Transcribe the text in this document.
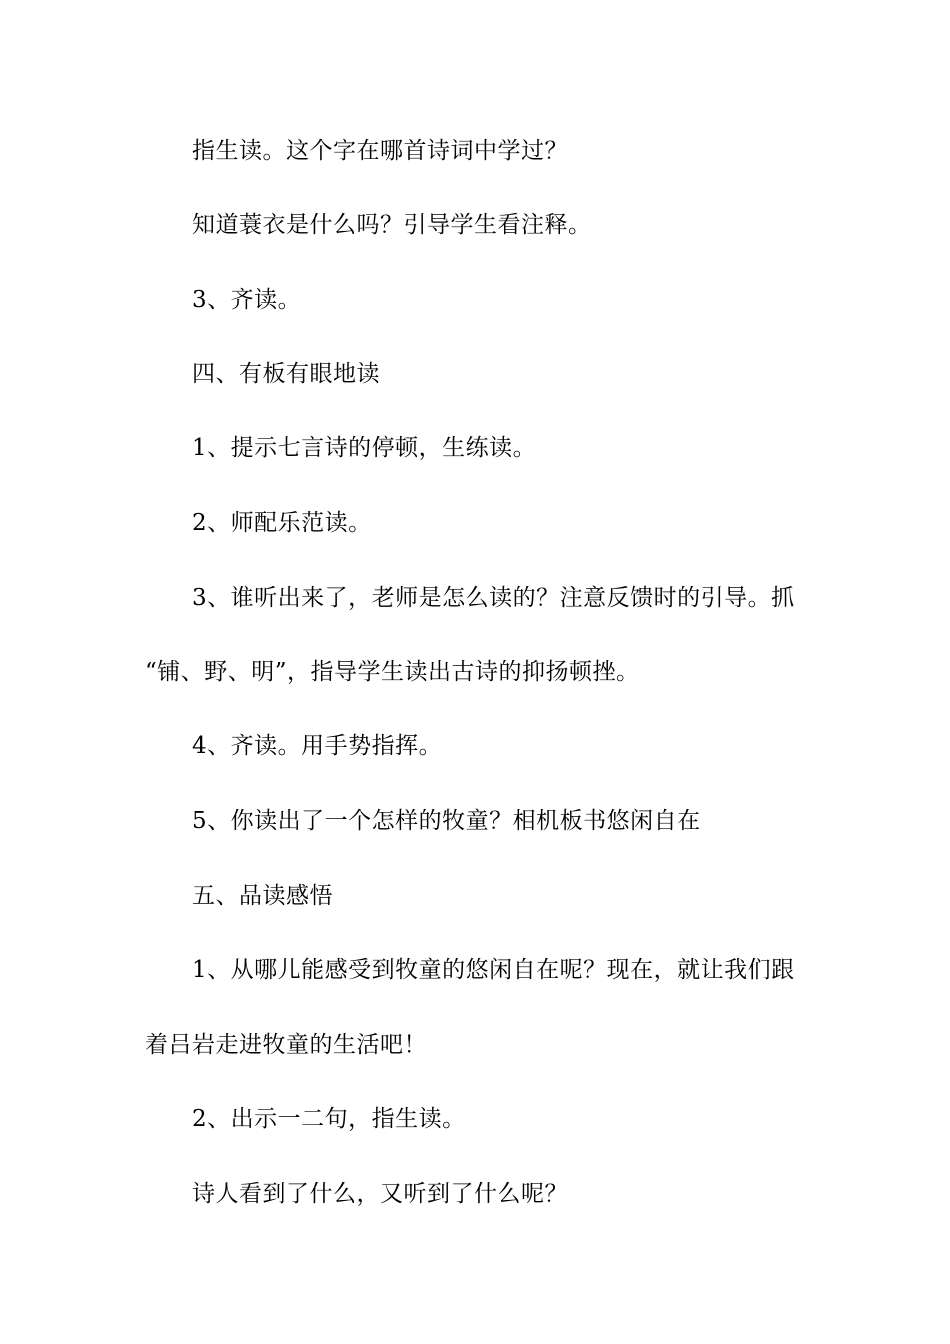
指生读。这个字在哪首诗词中学过？

知道蓑衣是什么吗？引导学生看注释。

3、齐读。

四、有板有眼地读

1、提示七言诗的停顿，生练读。

2、师配乐范读。

3、谁听出来了，老师是怎么读的？注意反馈时的引导。抓

“铺、野、明”，指导学生读出古诗的抑扬顿挫。

4、齐读。用手势指挥。

5、你读出了一个怎样的牧童？相机板书悠闲自在

五、品读感悟

1、从哪儿能感受到牧童的悠闲自在呢？现在，就让我们跟

着吕岩走进牧童的生活吧！

2、出示一二句，指生读。

诗人看到了什么，又听到了什么呢？
